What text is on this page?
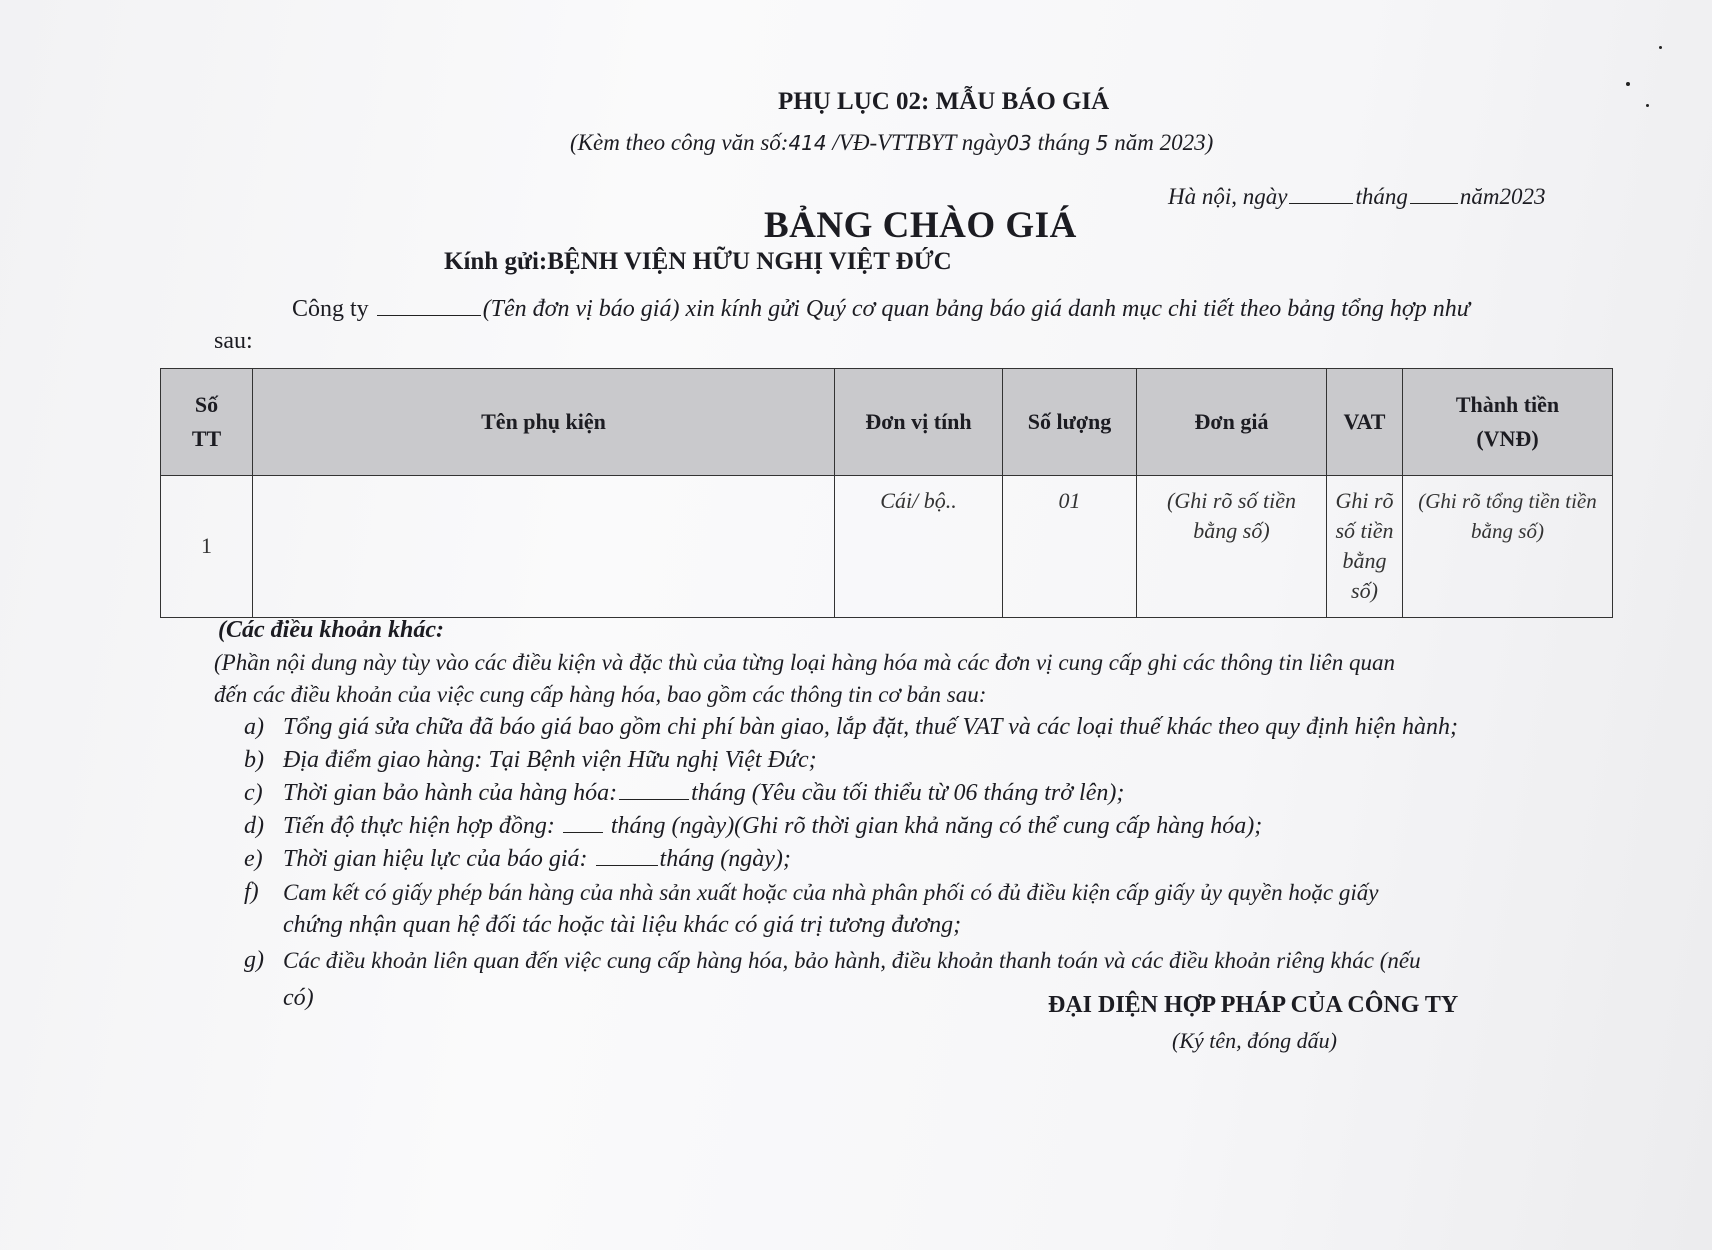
PHỤ LỤC 02: MẪU BÁO GIÁ
(Kèm theo công văn số:414 /VĐ-VTTBYT ngày03 tháng 5 năm 2023)
Hà nội, ngày	tháng năm2023
BẢNG CHÀO GIÁ
Kính gửi:BỆNH VIỆN HỮU NGHỊ VIỆT ĐỨC
Công ty	(Tên đơn vị báo giá) xin kính gửi Quý cơ quan bảng báo giá danh mục chi tiết theo bảng tổng hợp như
sau:
Số
TT	Tên phụ kiện	Đơn vị tính	Số lượng	Đơn giá	VAT	Thành tiền
(VNĐ)
1		Cái/ bộ..	01	(Ghi rõ số tiền bằng số)	Ghi rõ số tiền bằng số)	(Ghi rõ tổng tiền tiền bằng số)
(Các điều khoản khác:
(Phần nội dung này tùy vào các điều kiện và đặc thù của từng loại hàng hóa mà các đơn vị cung cấp ghi các thông tin liên quan
đến các điều khoản của việc cung cấp hàng hóa, bao gồm các thông tin cơ bản sau:
a) Tổng giá sửa chữa đã báo giá bao gồm chi phí bàn giao, lắp đặt, thuế VAT và các loại thuế khác theo quy định hiện hành;
b) Địa điểm giao hàng: Tại Bệnh viện Hữu nghị Việt Đức;
c) Thời gian bảo hành của hàng hóa:	tháng (Yêu cầu tối thiểu từ 06 tháng trở lên);
d) Tiến độ thực hiện hợp đồng: tháng (ngày)(Ghi rõ thời gian khả năng có thể cung cấp hàng hóa);
e) Thời gian hiệu lực của báo giá:	tháng (ngày);
f) Cam kết có giấy phép bán hàng của nhà sản xuất hoặc của nhà phân phối có đủ điều kiện cấp giấy ủy quyền hoặc giấy
chứng nhận quan hệ đối tác hoặc tài liệu khác có giá trị tương đương;
g) Các điều khoản liên quan đến việc cung cấp hàng hóa, bảo hành, điều khoản thanh toán và các điều khoản riêng khác (nếu
có)	ĐẠI DIỆN HỢP PHÁP CỦA CÔNG TY
(Ký tên, đóng dấu)
